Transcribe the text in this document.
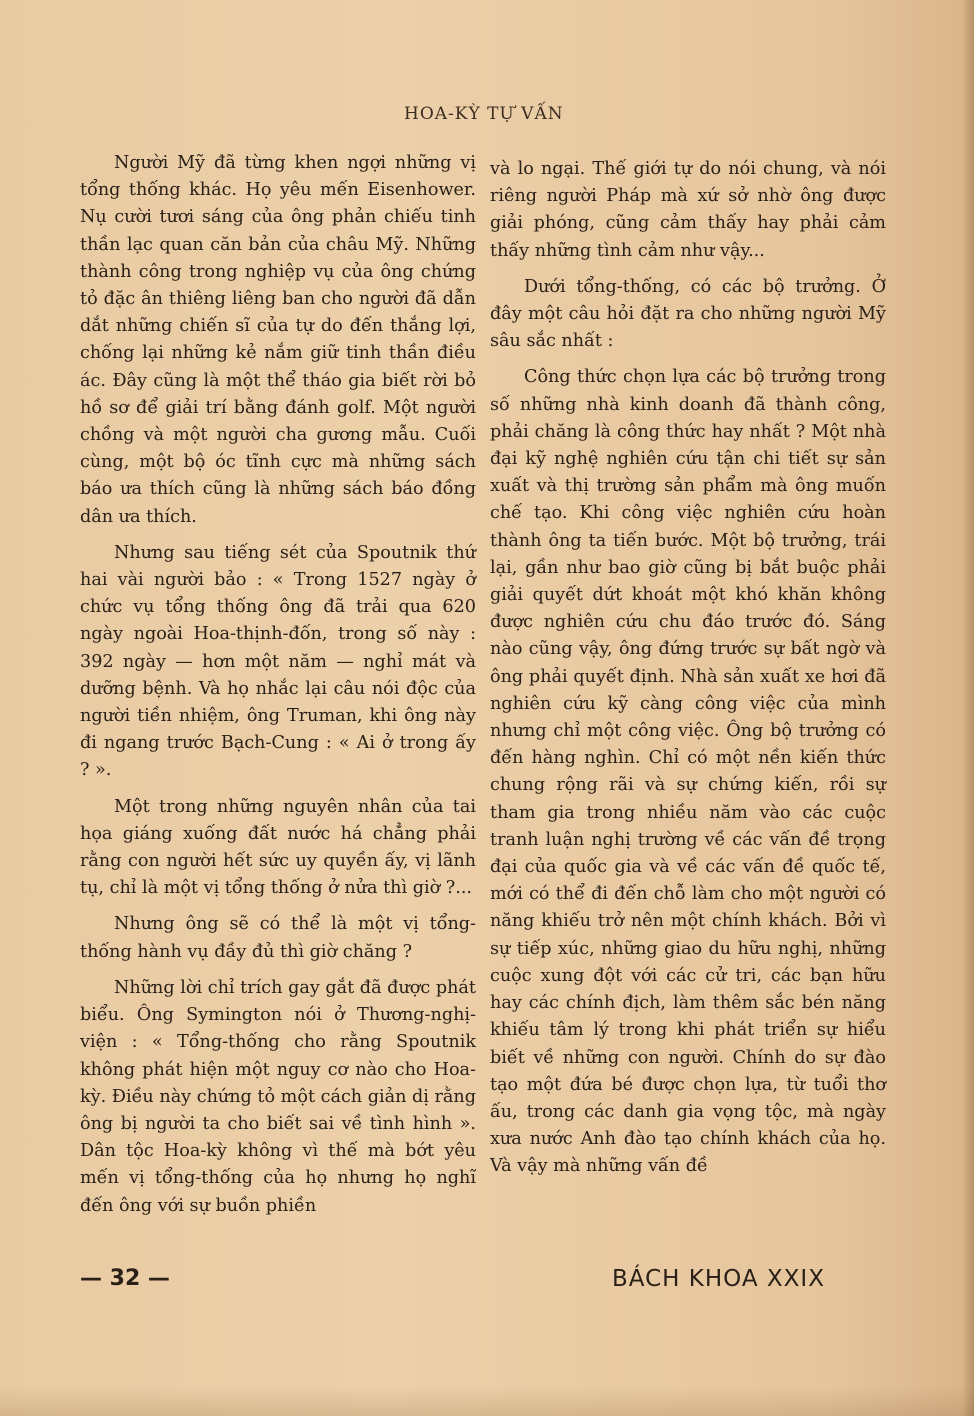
HOA-KỲ TỰ VẤN

Người Mỹ đã từng khen ngợi những vị tổng thống khác. Họ yêu mến Eisenhower. Nụ cười tươi sáng của ông phản chiếu tinh thần lạc quan căn bản của châu Mỹ. Những thành công trong nghiệp vụ của ông chứng tỏ đặc ân thiêng liêng ban cho người đã dẫn dắt những chiến sĩ của tự do đến thắng lợi, chống lại những kẻ nắm giữ tinh thần điều ác. Đây cũng là một thể tháo gia biết rời bỏ hồ sơ để giải trí bằng đánh golf. Một người chồng và một người cha gương mẫu. Cuối cùng, một bộ óc tĩnh cực mà những sách báo ưa thích cũng là những sách báo đồng dân ưa thích.

Nhưng sau tiếng sét của Spoutnik thứ hai vài người bảo : « Trong 1527 ngày ở chức vụ tổng thống ông đã trải qua 620 ngày ngoài Hoa-thịnh-đốn, trong số này : 392 ngày — hơn một năm — nghỉ mát và dưỡng bệnh. Và họ nhắc lại câu nói độc của người tiền nhiệm, ông Truman, khi ông này đi ngang trước Bạch-Cung : « Ai ở trong ấy ? ».

Một trong những nguyên nhân của tai họa giáng xuống đất nước há chẳng phải rằng con người hết sức uy quyền ấy, vị lãnh tụ, chỉ là một vị tổng thống ở nửa thì giờ ?...

Nhưng ông sẽ có thể là một vị tổng-thống hành vụ đầy đủ thì giờ chăng ?

Những lời chỉ trích gay gắt đã được phát biểu. Ông Symington nói ở Thương-nghị-viện : « Tổng-thống cho rằng Spoutnik không phát hiện một nguy cơ nào cho Hoa-kỳ. Điều này chứng tỏ một cách giản dị rằng ông bị người ta cho biết sai về tình hình ». Dân tộc Hoa-kỳ không vì thế mà bớt yêu mến vị tổng-thống của họ nhưng họ nghĩ đến ông với sự buồn phiền

và lo ngại. Thế giới tự do nói chung, và nói riêng người Pháp mà xứ sở nhờ ông được giải phóng, cũng cảm thấy hay phải cảm thấy những tình cảm như vậy...

Dưới tổng-thống, có các bộ trưởng. Ở đây một câu hỏi đặt ra cho những người Mỹ sâu sắc nhất :

Công thức chọn lựa các bộ trưởng trong số những nhà kinh doanh đã thành công, phải chăng là công thức hay nhất ? Một nhà đại kỹ nghệ nghiên cứu tận chi tiết sự sản xuất và thị trường sản phẩm mà ông muốn chế tạo. Khi công việc nghiên cứu hoàn thành ông ta tiến bước. Một bộ trưởng, trái lại, gần như bao giờ cũng bị bắt buộc phải giải quyết dứt khoát một khó khăn không được nghiên cứu chu đáo trước đó. Sáng nào cũng vậy, ông đứng trước sự bất ngờ và ông phải quyết định. Nhà sản xuất xe hơi đã nghiên cứu kỹ càng công việc của mình nhưng chỉ một công việc. Ông bộ trưởng có đến hàng nghìn. Chỉ có một nền kiến thức chung rộng rãi và sự chứng kiến, rồi sự tham gia trong nhiều năm vào các cuộc tranh luận nghị trường về các vấn đề trọng đại của quốc gia và về các vấn đề quốc tế, mới có thể đi đến chỗ làm cho một người có năng khiếu trở nên một chính khách. Bởi vì sự tiếp xúc, những giao du hữu nghị, những cuộc xung đột với các cử tri, các bạn hữu hay các chính địch, làm thêm sắc bén năng khiếu tâm lý trong khi phát triển sự hiểu biết về những con người. Chính do sự đào tạo một đứa bé được chọn lựa, từ tuổi thơ ấu, trong các danh gia vọng tộc, mà ngày xưa nước Anh đào tạo chính khách của họ. Và vậy mà những vấn đề

— 32 —	BÁCH KHOA XXIX
